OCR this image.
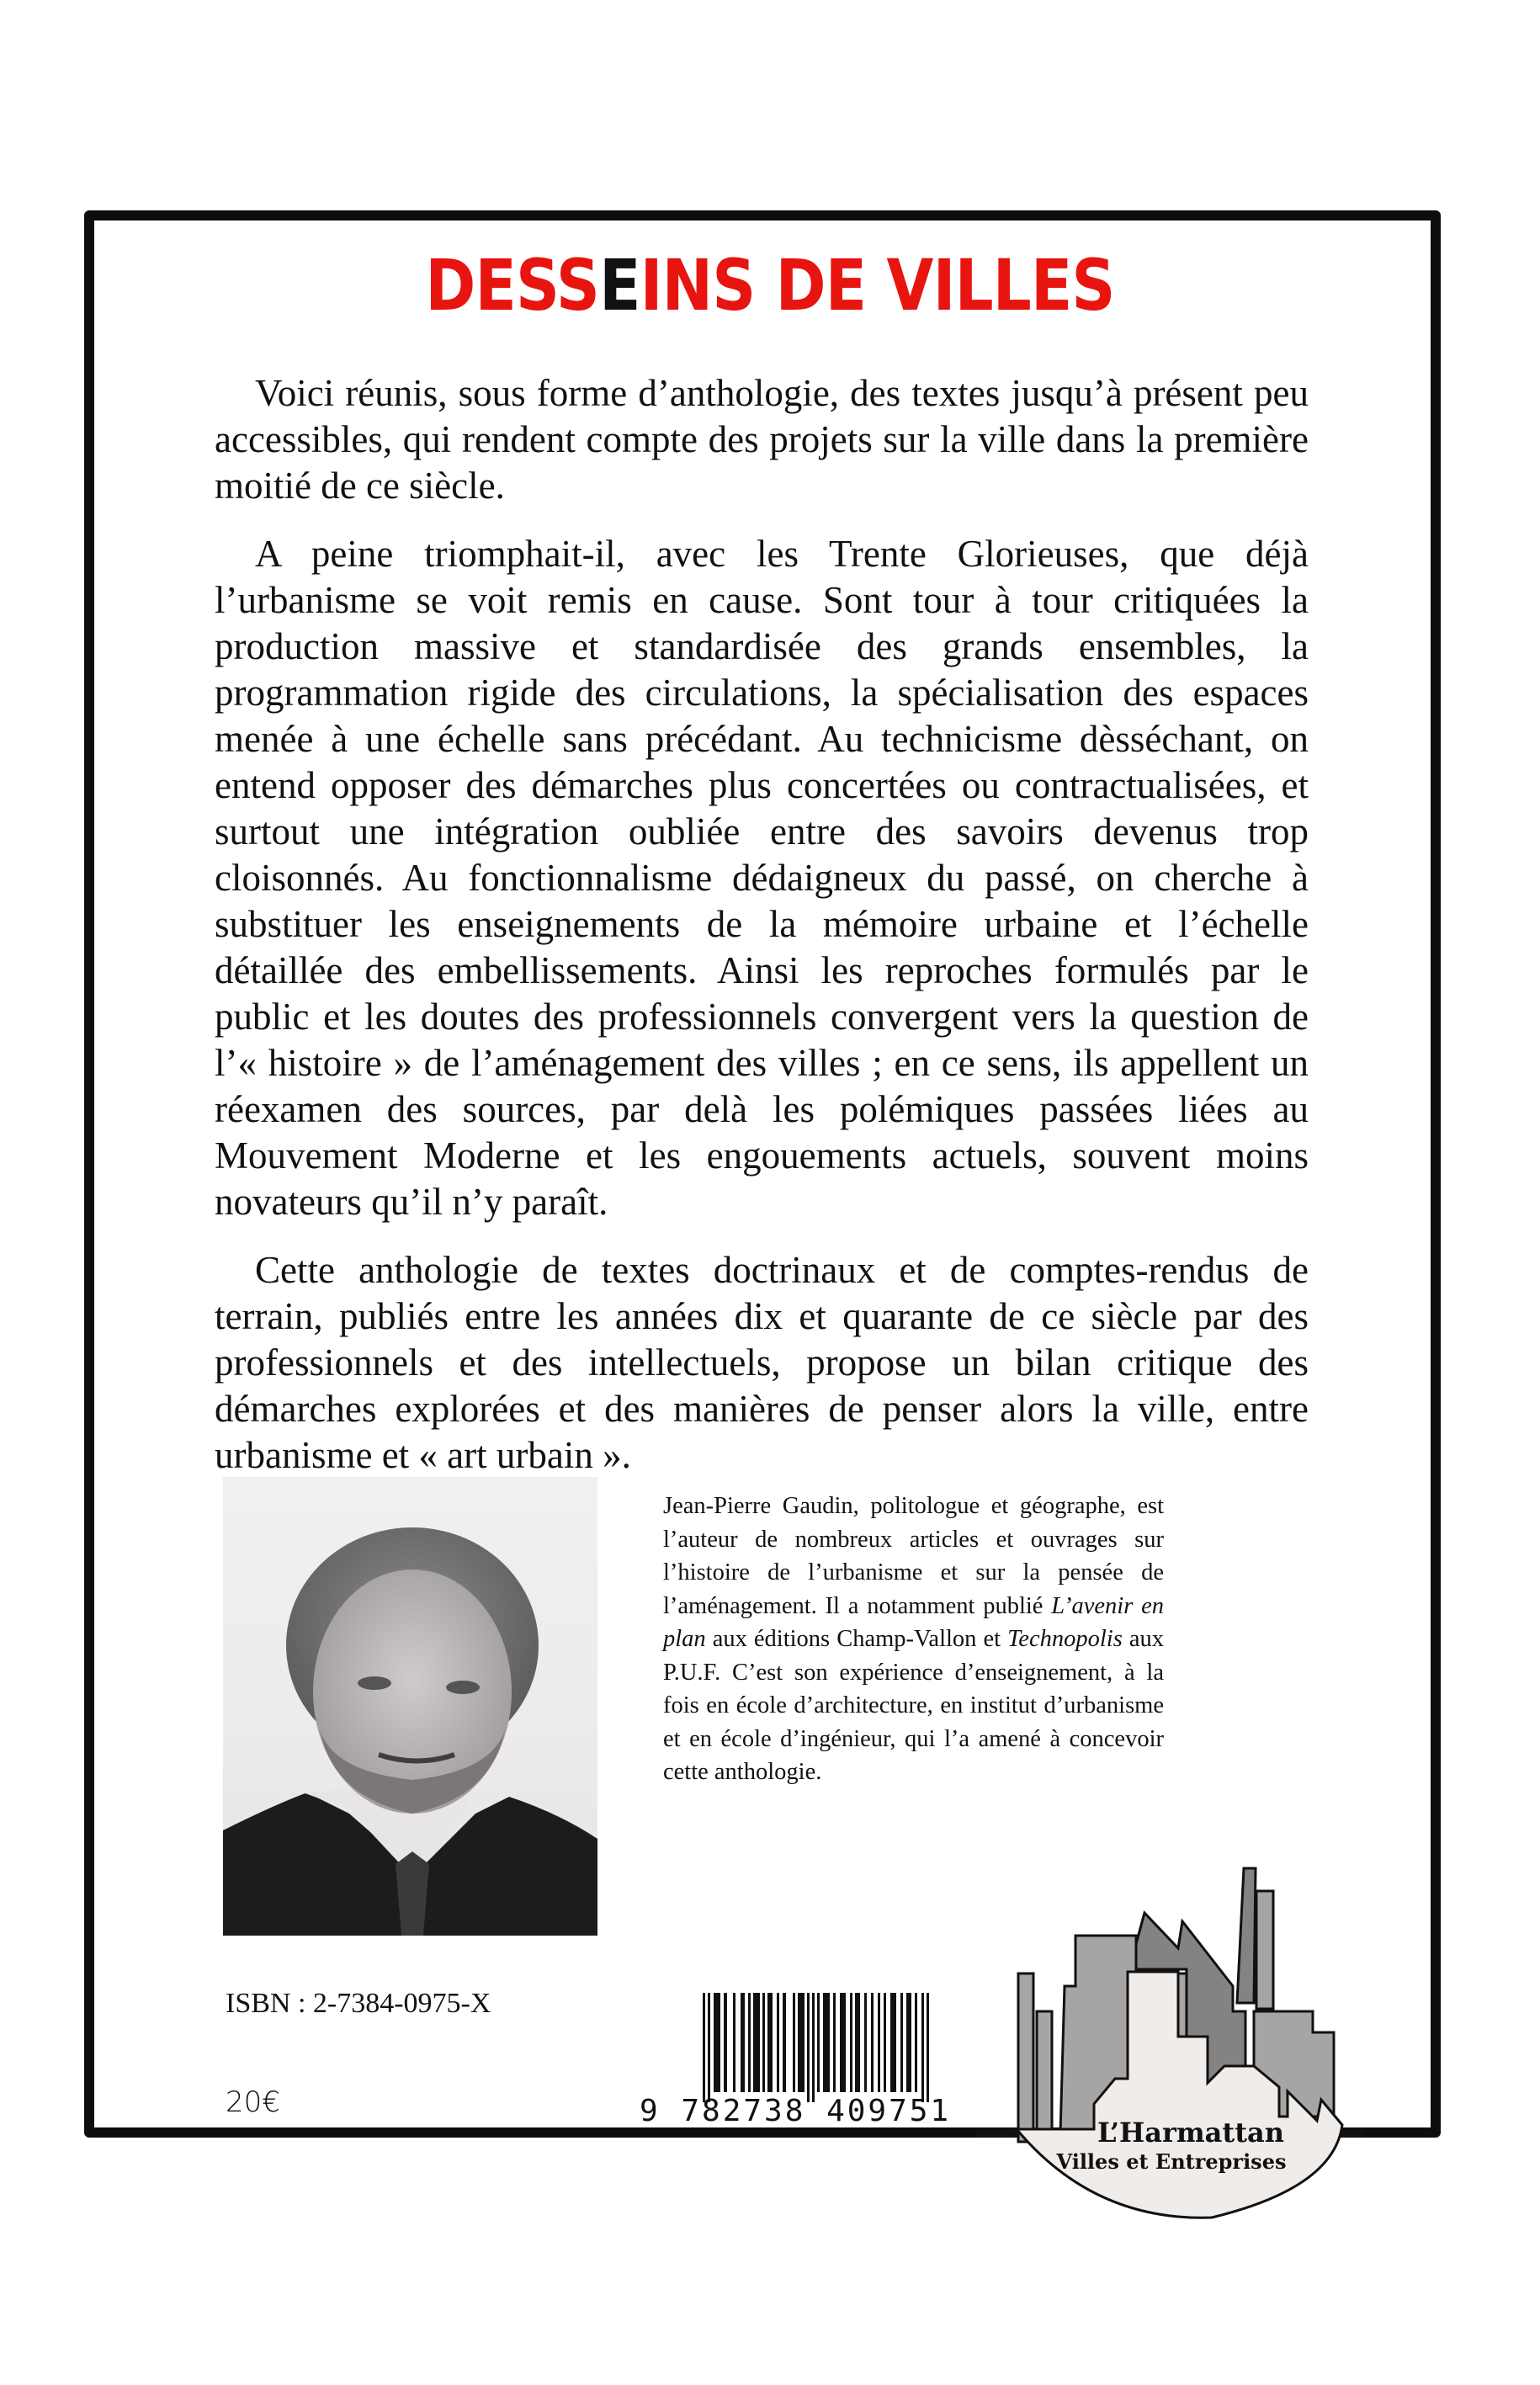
DESSEINS DE VILLES

Voici réunis, sous forme d’anthologie, des textes jusqu’à présent peu accessibles, qui rendent compte des projets sur la ville dans la première moitié de ce siècle.

A peine triomphait-il, avec les Trente Glorieuses, que déjà l’urbanisme se voit remis en cause. Sont tour à tour critiquées la production massive et standardisée des grands ensembles, la programmation rigide des circulations, la spécialisation des espaces menée à une échelle sans précédant. Au technicisme dèsséchant, on entend opposer des démarches plus concertées ou contractualisées, et surtout une intégration oubliée entre des savoirs devenus trop cloisonnés. Au fonctionnalisme dédaigneux du passé, on cherche à substituer les enseignements de la mémoire urbaine et l’échelle détaillée des embellissements. Ainsi les reproches formulés par le public et les doutes des professionnels convergent vers la question de l’« histoire » de l’aménagement des villes ; en ce sens, ils appellent un réexamen des sources, par delà les polémiques passées liées au Mouvement Moderne et les engouements actuels, souvent moins novateurs qu’il n’y paraît.

Cette anthologie de textes doctrinaux et de comptes-rendus de terrain, publiés entre les années dix et quarante de ce siècle par des professionnels et des intellectuels, propose un bilan critique des démarches explorées et des manières de penser alors la ville, entre urbanisme et « art urbain ».

Jean-Pierre Gaudin, politologue et géographe, est l’auteur de nombreux articles et ouvrages sur l’histoire de l’urbanisme et sur la pensée de l’aménagement. Il a notamment publié L’avenir en plan aux éditions Champ-Vallon et Technopolis aux P.U.F. C’est son expérience d’enseignement, à la fois en école d’architecture, en institut d’urbanisme et en école d’ingénieur, qui l’a amené à concevoir cette anthologie.
ISBN : 2-7384-0975-X
20€	9 782738 409751
L’Harmattan
Villes et Entreprises
